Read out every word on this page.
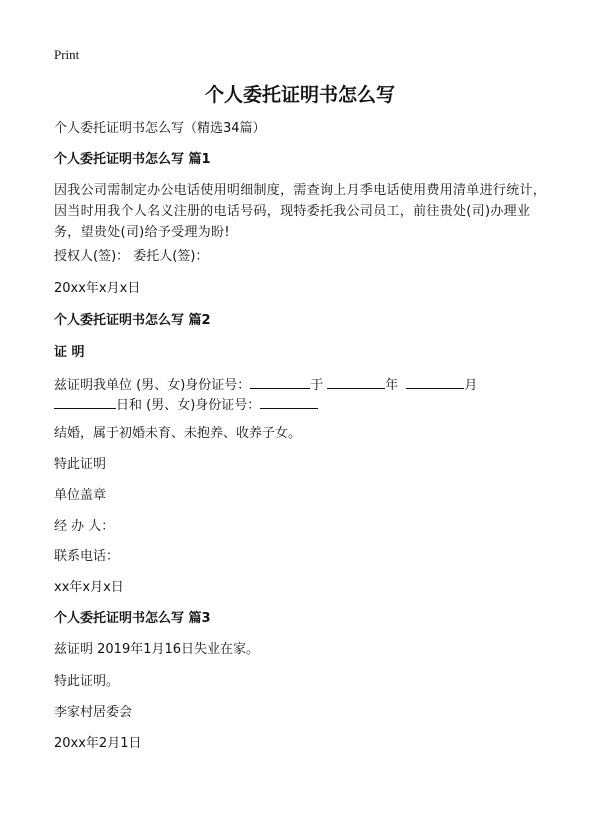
Print
个人委托证明书怎么写
个人委托证明书怎么写（精选34篇）
个人委托证明书怎么写 篇1
因我公司需制定办公电话使用明细制度，需查询上月季电话使用费用清单进行统计，因当时用我个人名义注册的电话号码，现特委托我公司员工，前往贵处(司)办理业务，望贵处(司)给予受理为盼!
授权人(签)： 委托人(签)：
20xx年x月x日
个人委托证明书怎么写 篇2
证 明
兹证明我单位 (男、女)身份证号：	于	年	月
日和 (男、女)身份证号：
结婚，属于初婚未育、未抱养、收养子女。
特此证明
单位盖章
经 办 人：
联系电话：
xx年x月x日
个人委托证明书怎么写 篇3
兹证明 2019年1月16日失业在家。
特此证明。
李家村居委会
20xx年2月1日
